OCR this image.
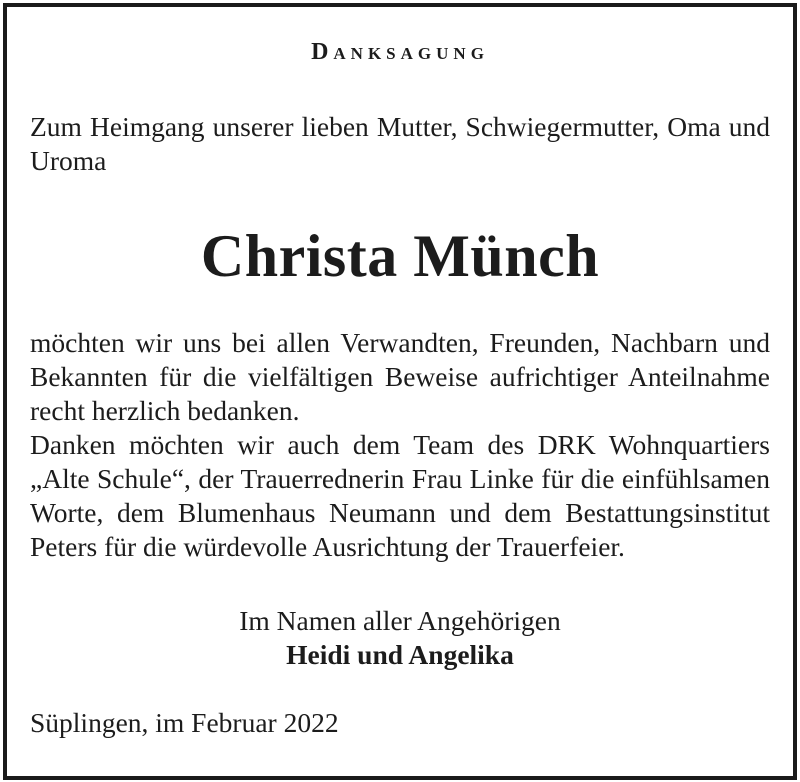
Danksagung

Zum Heimgang unserer lieben Mutter, Schwiegermutter, Oma und Uroma

Christa Münch

möchten wir uns bei allen Verwandten, Freunden, Nachbarn und Bekannten für die vielfältigen Beweise aufrichtiger Anteilnahme recht herzlich bedanken.

Danken möchten wir auch dem Team des DRK Wohnquartiers „Alte Schule“, der Trauerrednerin Frau Linke für die einfühlsamen Worte, dem Blumenhaus Neumann und dem Bestattungsinstitut Peters für die würdevolle Ausrichtung der Trauerfeier.

Im Namen aller Angehörigen

Heidi und Angelika

Süplingen, im Februar 2022
